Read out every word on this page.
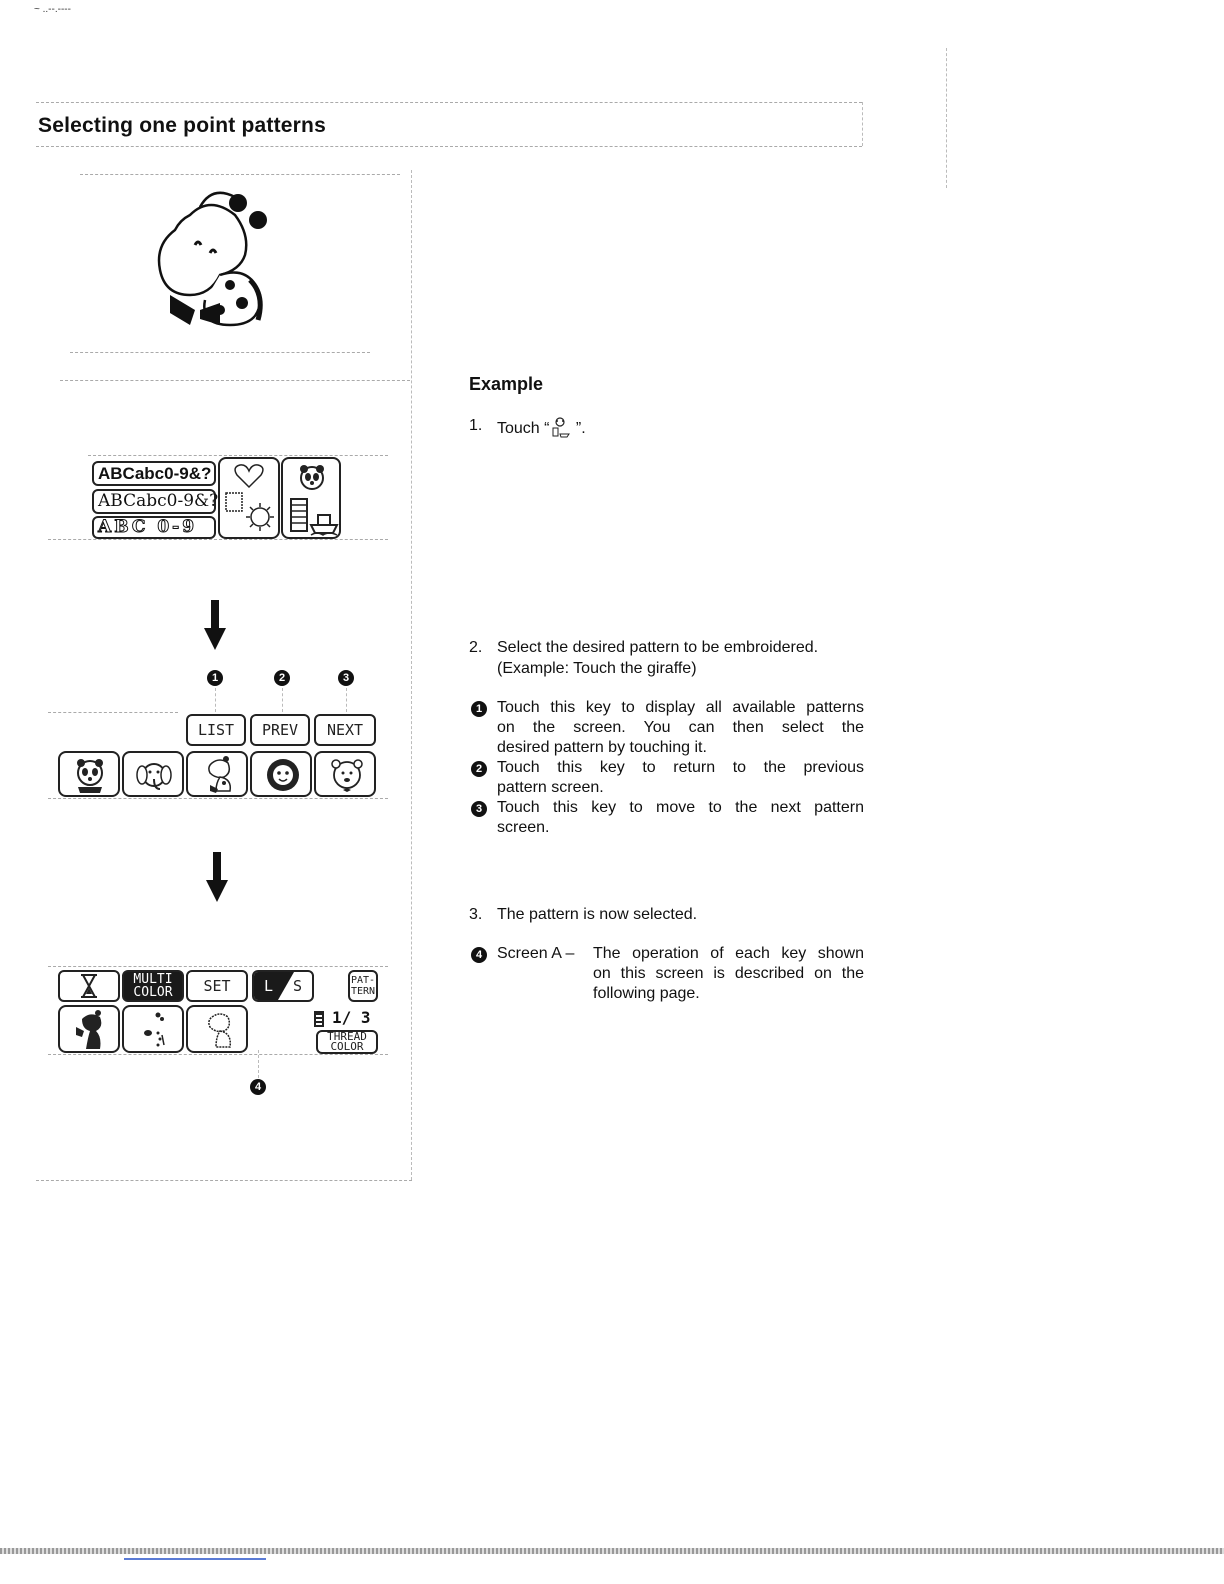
~ ..--.----
Selecting one point patterns
ABCabc0-9&?
ABCabc0-9&?
ABC 0-9
1	2	3
LIST	PREV	NEXT
MULTI
COLOR	SET	L S	PAT-
TERN
1/ 3
THREAD
COLOR
4
Example
1. Touch “ ”.
2. Select the desired pattern to be embroidered.
(Example: Touch the giraffe)
1 Touch this key to display all available patterns
on the screen. You can then select the
desired pattern by touching it.
2 Touch this key to return to the previous
pattern screen.
3 Touch this key to move to the next pattern
screen.
3. The pattern is now selected.
4 Screen A – The operation of each key shown
on this screen is described on the
following page.
